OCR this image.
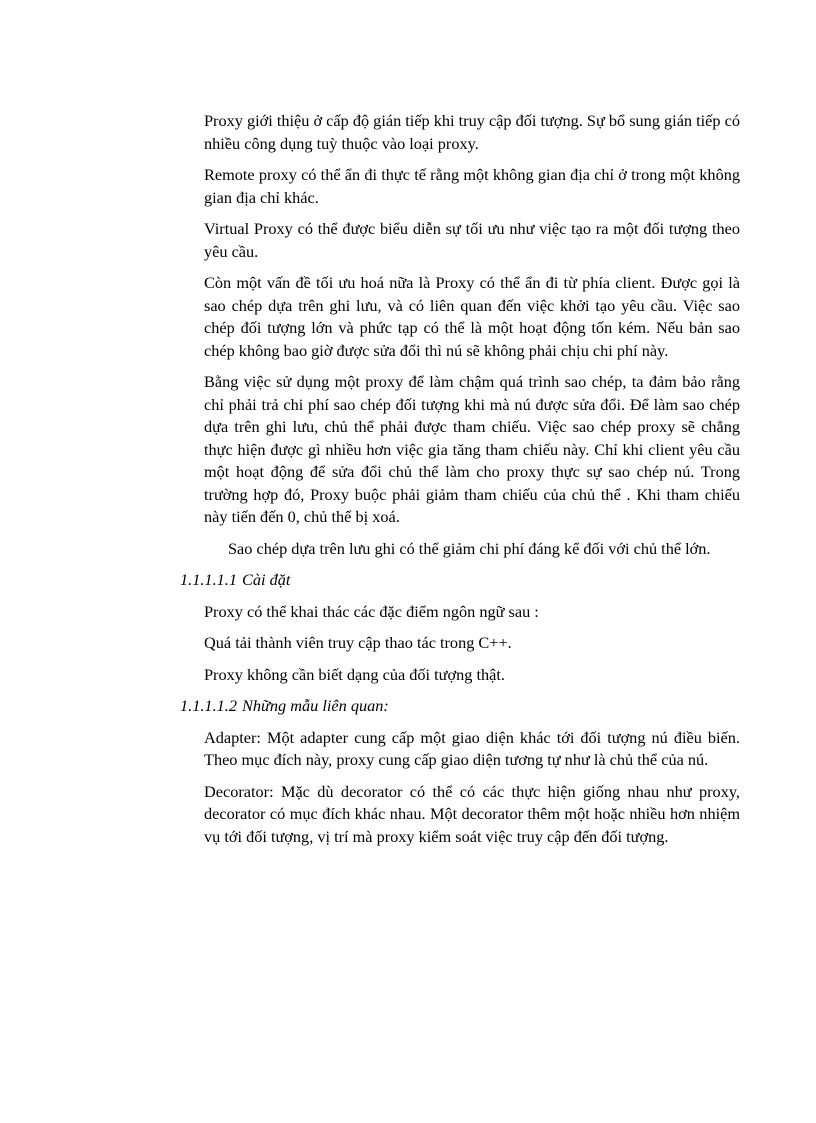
Proxy giới thiệu ở cấp độ gián tiếp khi truy cập đối tượng. Sự bổ sung gián tiếp có nhiều công dụng tuỳ thuộc vào loại proxy.

Remote proxy có thể ẩn đi thực tế rằng một không gian địa chỉ ở trong một không gian địa chỉ khác.

Virtual Proxy có thể được biểu diễn sự tối ưu như việc tạo ra một đối tượng theo yêu cầu.

Còn một vấn đề tối ưu hoá nữa là Proxy có thể ẩn đi từ phía client. Được gọi là sao chép dựa trên ghi lưu, và có liên quan đến việc khởi tạo yêu cầu. Việc sao chép đối tượng lớn và phức tạp có thể là một hoạt động tốn kém. Nếu bản sao chép không bao giờ được sửa đổi thì nú sẽ không phải chịu chi phí này.

Bằng việc sử dụng một proxy để làm chậm quá trình sao chép, ta đảm bảo rằng chỉ phải trả chi phí sao chép đối tượng khi mà nú được sửa đổi. Để làm sao chép dựa trên ghi lưu, chủ thể phải được tham chiếu. Việc sao chép proxy sẽ chẳng thực hiện được gì nhiều hơn việc gia tăng tham chiếu này. Chỉ khi client yêu cầu một hoạt động để sửa đổi chủ thể làm cho proxy thực sự sao chép nú. Trong trường hợp đó, Proxy buộc phải giảm tham chiếu của chủ thể . Khi tham chiếu này tiến đến 0, chủ thể bị xoá.

Sao chép dựa trên lưu ghi có thể giảm chi phí đáng kể đối với chủ thể lớn.

1.1.1.1.1 Cài đặt

Proxy có thể khai thác các đặc điểm ngôn ngữ sau :

Quá tải thành viên truy cập thao tác trong C++.

Proxy không cần biết dạng của đối tượng thật.

1.1.1.1.2 Những mẫu liên quan:

Adapter: Một adapter cung cấp một giao diện khác tới đối tượng nú điều biến. Theo mục đích này, proxy cung cấp giao diện tương tự như là chủ thể của nú.

Decorator: Mặc dù decorator có thể có các thực hiện giống nhau như proxy, decorator có mục đích khác nhau. Một decorator thêm một hoặc nhiều hơn nhiệm vụ tới đối tượng, vị trí mà proxy kiểm soát việc truy cập đến đối tượng.
